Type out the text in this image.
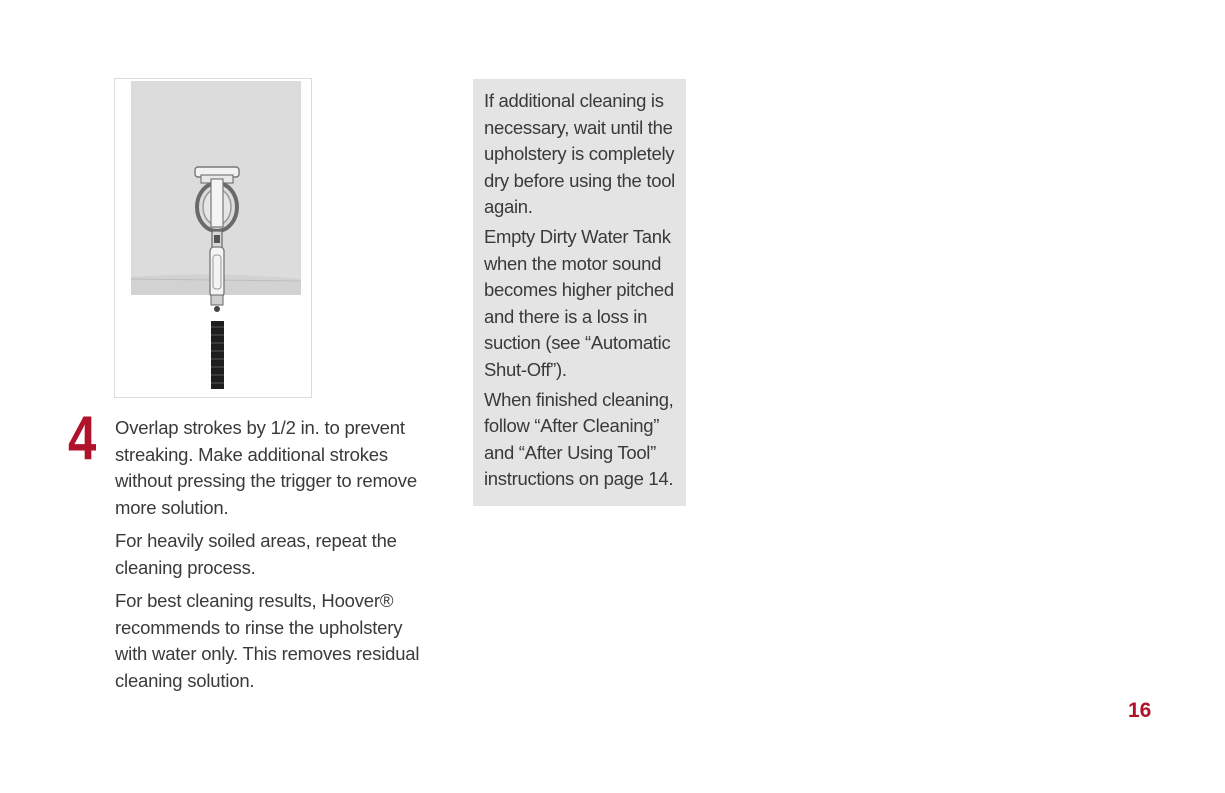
4 Overlap strokes by 1/2 in. to prevent streaking. Make additional strokes without pressing the trigger to remove more solution.

For heavily soiled areas, repeat the cleaning process.

For best cleaning results, Hoover® recommends to rinse the upholstery with water only. This removes residual cleaning solution.

If additional cleaning is necessary, wait until the upholstery is completely dry before using the tool again.

Empty Dirty Water Tank when the motor sound becomes higher pitched and there is a loss in suction (see “Automatic Shut-Off”).

When finished cleaning, follow “After Cleaning” and “After Using Tool” instructions on page 14.

16
